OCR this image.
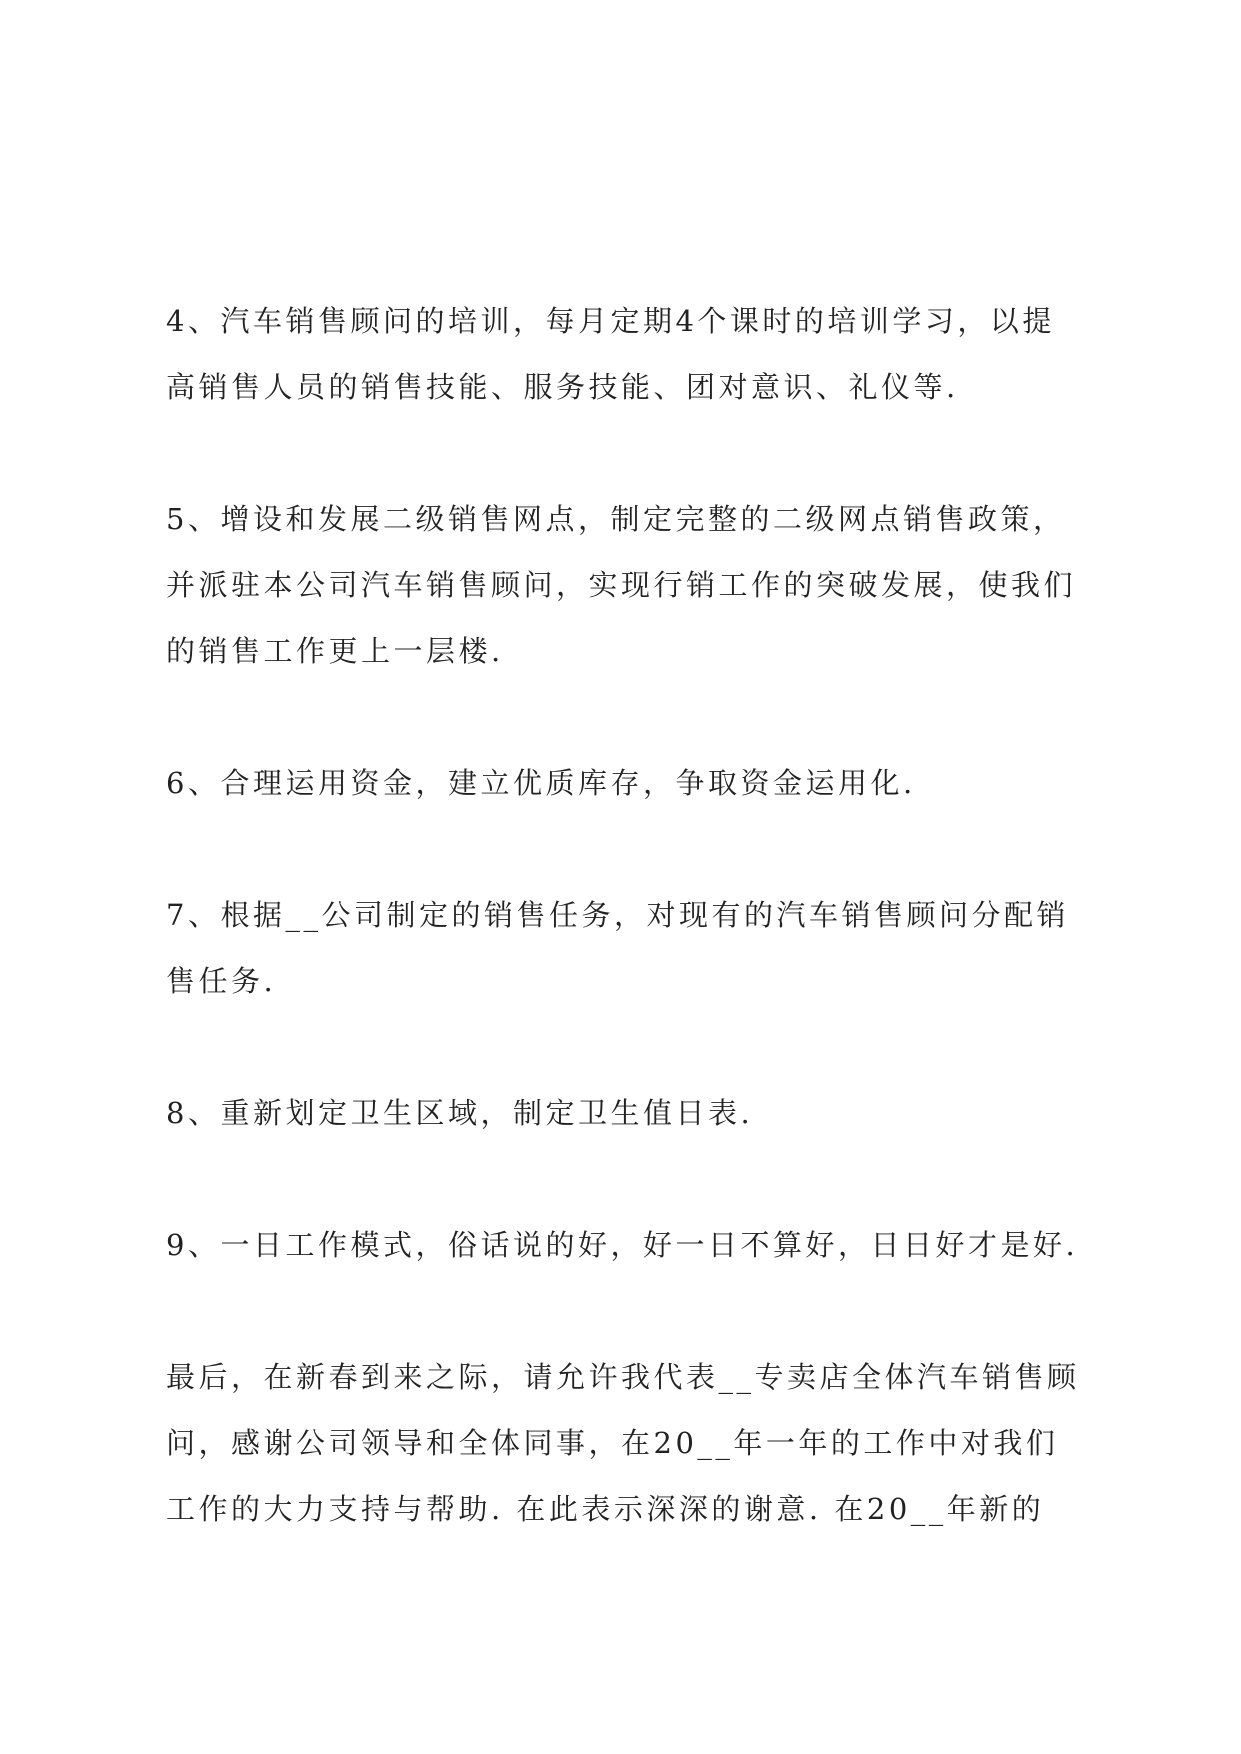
4、汽车销售顾问的培训，每月定期4个课时的培训学习，以提
高销售人员的销售技能、服务技能、团对意识、礼仪等.

5、增设和发展二级销售网点，制定完整的二级网点销售政策，
并派驻本公司汽车销售顾问，实现行销工作的突破发展，使我们
的销售工作更上一层楼.

6、合理运用资金，建立优质库存，争取资金运用化.

7、根据__公司制定的销售任务，对现有的汽车销售顾问分配销
售任务.

8、重新划定卫生区域，制定卫生值日表.

9、一日工作模式，俗话说的好，好一日不算好，日日好才是好.

最后，在新春到来之际，请允许我代表__专卖店全体汽车销售顾
问，感谢公司领导和全体同事，在20__年一年的工作中对我们
工作的大力支持与帮助. 在此表示深深的谢意. 在20__年新的
